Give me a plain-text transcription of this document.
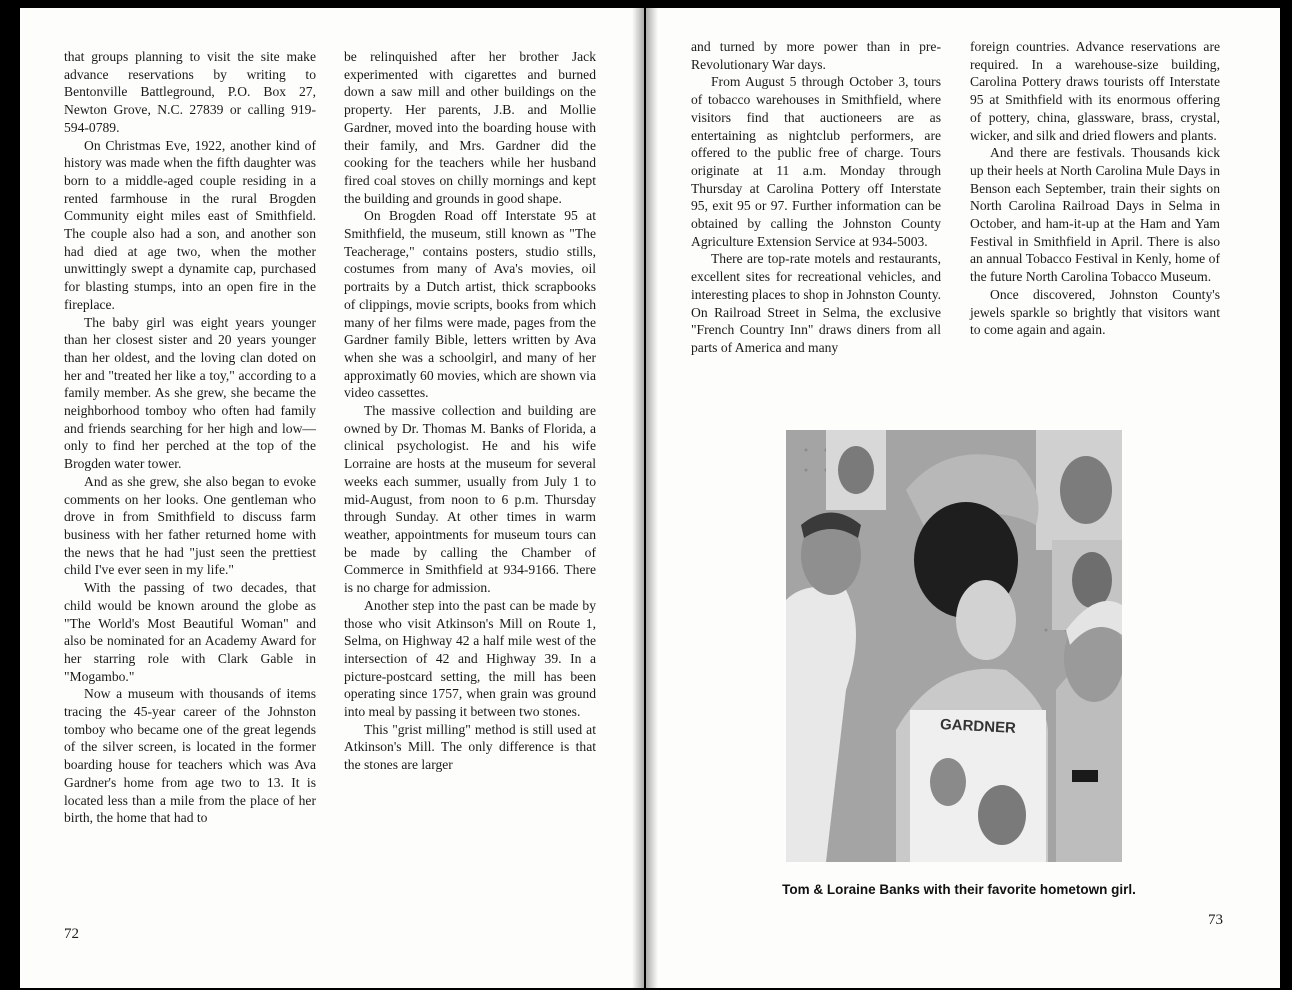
that groups planning to visit the site make advance reservations by writing to Bentonville Battleground, P.O. Box 27, Newton Grove, N.C. 27839 or calling 919-594-0789.

On Christmas Eve, 1922, another kind of history was made when the fifth daughter was born to a middle-aged couple residing in a rented farmhouse in the rural Brogden Community eight miles east of Smithfield. The couple also had a son, and another son had died at age two, when the mother unwittingly swept a dynamite cap, purchased for blasting stumps, into an open fire in the fireplace.

The baby girl was eight years younger than her closest sister and 20 years younger than her oldest, and the loving clan doted on her and "treated her like a toy," according to a family member. As she grew, she became the neighborhood tomboy who often had family and friends searching for her high and low—only to find her perched at the top of the Brogden water tower.

And as she grew, she also began to evoke comments on her looks. One gentleman who drove in from Smithfield to discuss farm business with her father returned home with the news that he had "just seen the prettiest child I've ever seen in my life."

With the passing of two decades, that child would be known around the globe as "The World's Most Beautiful Woman" and also be nominated for an Academy Award for her starring role with Clark Gable in "Mogambo."

Now a museum with thousands of items tracing the 45-year career of the Johnston tomboy who became one of the great legends of the silver screen, is located in the former boarding house for teachers which was Ava Gardner's home from age two to 13. It is located less than a mile from the place of her birth, the home that had to

be relinquished after her brother Jack experimented with cigarettes and burned down a saw mill and other buildings on the property. Her parents, J.B. and Mollie Gardner, moved into the boarding house with their family, and Mrs. Gardner did the cooking for the teachers while her husband fired coal stoves on chilly mornings and kept the building and grounds in good shape.

On Brogden Road off Interstate 95 at Smithfield, the museum, still known as "The Teacherage," contains posters, studio stills, costumes from many of Ava's movies, oil portraits by a Dutch artist, thick scrapbooks of clippings, movie scripts, books from which many of her films were made, pages from the Gardner family Bible, letters written by Ava when she was a schoolgirl, and many of her approximatly 60 movies, which are shown via video cassettes.

The massive collection and building are owned by Dr. Thomas M. Banks of Florida, a clinical psychologist. He and his wife Lorraine are hosts at the museum for several weeks each summer, usually from July 1 to mid-August, from noon to 6 p.m. Thursday through Sunday. At other times in warm weather, appointments for museum tours can be made by calling the Chamber of Commerce in Smithfield at 934-9166. There is no charge for admission.

Another step into the past can be made by those who visit Atkinson's Mill on Route 1, Selma, on Highway 42 a half mile west of the intersection of 42 and Highway 39. In a picture-postcard setting, the mill has been operating since 1757, when grain was ground into meal by passing it between two stones.

This "grist milling" method is still used at Atkinson's Mill. The only difference is that the stones are larger

72

and turned by more power than in pre-Revolutionary War days.

From August 5 through October 3, tours of tobacco warehouses in Smithfield, where visitors find that auctioneers are as entertaining as nightclub performers, are offered to the public free of charge. Tours originate at 11 a.m. Monday through Thursday at Carolina Pottery off Interstate 95, exit 95 or 97. Further information can be obtained by calling the Johnston County Agriculture Extension Service at 934-5003.

There are top-rate motels and restaurants, excellent sites for recreational vehicles, and interesting places to shop in Johnston County. On Railroad Street in Selma, the exclusive "French Country Inn" draws diners from all parts of America and many

foreign countries. Advance reservations are required. In a warehouse-size building, Carolina Pottery draws tourists off Interstate 95 at Smithfield with its enormous offering of pottery, china, glassware, brass, crystal, wicker, and silk and dried flowers and plants.

And there are festivals. Thousands kick up their heels at North Carolina Mule Days in Benson each September, train their sights on North Carolina Railroad Days in Selma in October, and ham-it-up at the Ham and Yam Festival in Smithfield in April. There is also an annual Tobacco Festival in Kenly, home of the future North Carolina Tobacco Museum.

Once discovered, Johnston County's jewels sparkle so brightly that visitors want to come again and again.

GARDNER
Tom & Loraine Banks with their favorite hometown girl.
73
